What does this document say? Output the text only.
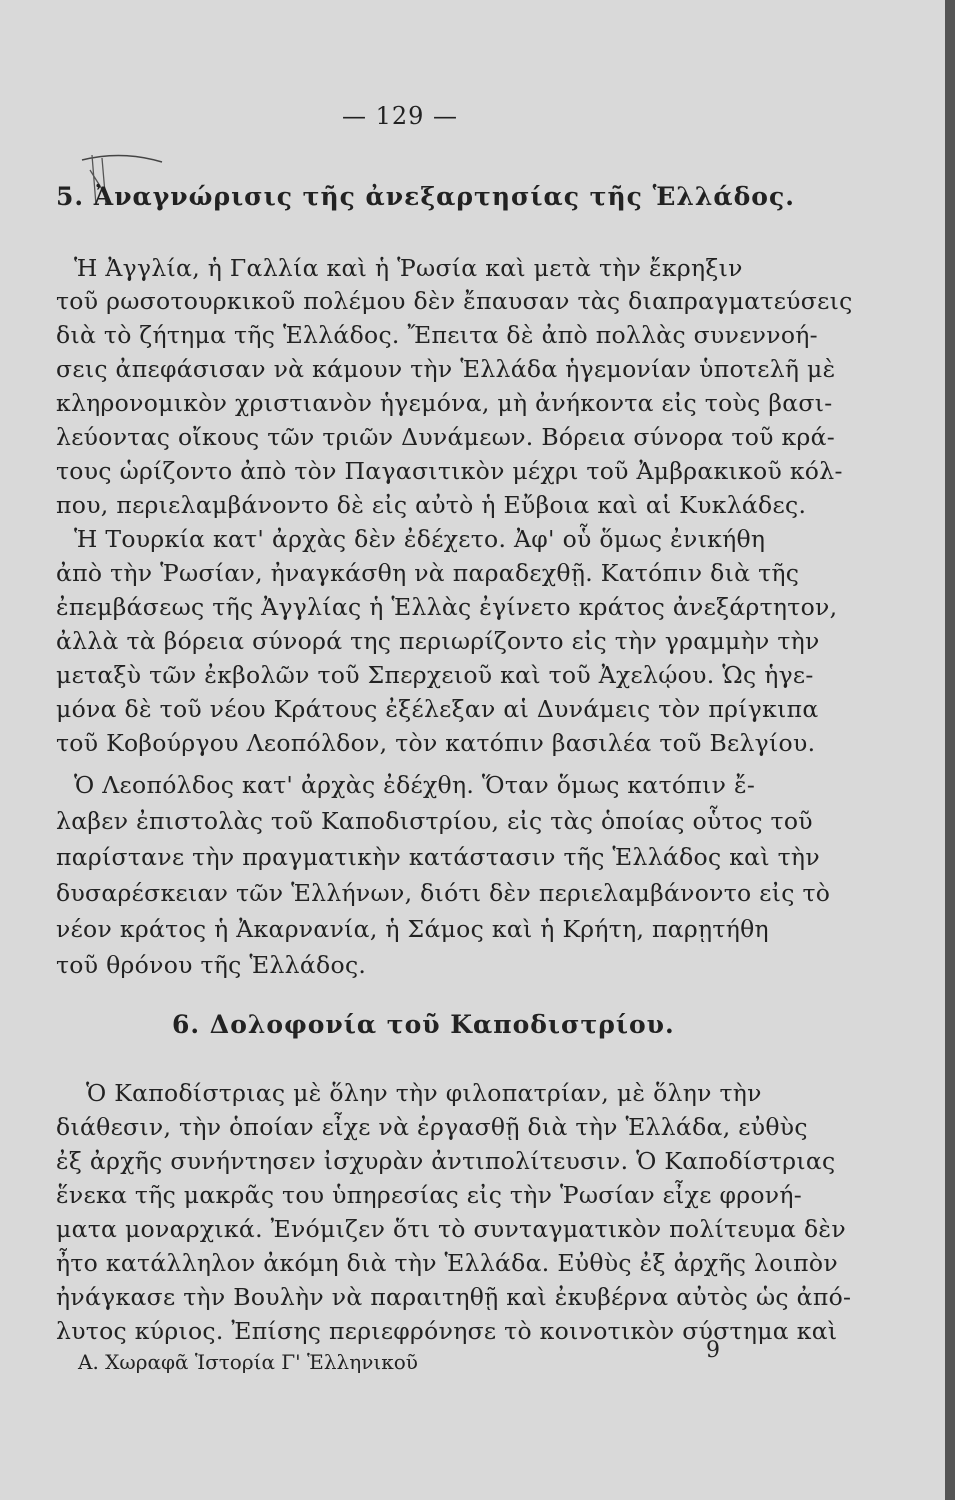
— 129 —
5. Ἀναγνώρισις τῆς ἀνεξαρτησίας τῆς Ἑλλάδος.
Ἡ Ἀγγλία, ἡ Γαλλία καὶ ἡ Ῥωσία καὶ μετὰ τὴν ἔκρηξιν
τοῦ ρωσοτουρκικοῦ πολέμου δὲν ἔπαυσαν τὰς διαπραγματεύσεις
διὰ τὸ ζήτημα τῆς Ἑλλάδος. Ἔπειτα δὲ ἀπὸ πολλὰς συνεννοή-
σεις ἀπεφάσισαν νὰ κάμουν τὴν Ἑλλάδα ἡγεμονίαν ὑποτελῆ μὲ
κληρονομικὸν χριστιανὸν ἡγεμόνα, μὴ ἀνήκοντα εἰς τοὺς βασι-
λεύοντας οἴκους τῶν τριῶν Δυνάμεων. Βόρεια σύνορα τοῦ κρά-
τους ὡρίζοντο ἀπὸ τὸν Παγασιτικὸν μέχρι τοῦ Ἀμβρακικοῦ κόλ-
που, περιελαμβάνοντο δὲ εἰς αὐτὸ ἡ Εὔβοια καὶ αἱ Κυκλάδες.
Ἡ Τουρκία κατ' ἀρχὰς δὲν ἐδέχετο. Ἀφ' οὗ ὅμως ἐνικήθη
ἀπὸ τὴν Ῥωσίαν, ἠναγκάσθη νὰ παραδεχθῇ. Κατόπιν διὰ τῆς
ἐπεμβάσεως τῆς Ἀγγλίας ἡ Ἑλλὰς ἐγίνετο κράτος ἀνεξάρτητον,
ἀλλὰ τὰ βόρεια σύνορά της περιωρίζοντο εἰς τὴν γραμμὴν τὴν
μεταξὺ τῶν ἐκβολῶν τοῦ Σπερχειοῦ καὶ τοῦ Ἀχελῴου. Ὡς ἡγε-
μόνα δὲ τοῦ νέου Κράτους ἐξέλεξαν αἱ Δυνάμεις τὸν πρίγκιπα
τοῦ Κοβούργου Λεοπόλδον, τὸν κατόπιν βασιλέα τοῦ Βελγίου.
Ὁ Λεοπόλδος κατ' ἀρχὰς ἐδέχθη. Ὅταν ὅμως κατόπιν ἔ-
λαβεν ἐπιστολὰς τοῦ Καποδιστρίου, εἰς τὰς ὁποίας οὗτος τοῦ
παρίστανε τὴν πραγματικὴν κατάστασιν τῆς Ἑλλάδος καὶ τὴν
δυσαρέσκειαν τῶν Ἑλλήνων, διότι δὲν περιελαμβάνοντο εἰς τὸ
νέον κράτος ἡ Ἀκαρνανία, ἡ Σάμος καὶ ἡ Κρήτη, παρῃτήθη
τοῦ θρόνου τῆς Ἑλλάδος.
6. Δολοφονία τοῦ Καποδιστρίου.
Ὁ Καποδίστριας μὲ ὅλην τὴν φιλοπατρίαν, μὲ ὅλην τὴν
διάθεσιν, τὴν ὁποίαν εἶχε νὰ ἐργασθῇ διὰ τὴν Ἑλλάδα, εὐθὺς
ἐξ ἀρχῆς συνήντησεν ἰσχυρὰν ἀντιπολίτευσιν. Ὁ Καποδίστριας
ἕνεκα τῆς μακρᾶς του ὑπηρεσίας εἰς τὴν Ῥωσίαν εἶχε φρονή-
ματα μοναρχικά. Ἐνόμιζεν ὅτι τὸ συνταγματικὸν πολίτευμα δὲν
ἦτο κατάλληλον ἀκόμη διὰ τὴν Ἑλλάδα. Εὐθὺς ἐξ ἀρχῆς λοιπὸν
ἠνάγκασε τὴν Βουλὴν νὰ παραιτηθῇ καὶ ἐκυβέρνα αὐτὸς ὡς ἀπό-
λυτος κύριος. Ἐπίσης περιεφρόνησε τὸ κοινοτικὸν σύστημα καὶ
Α. Χωραφᾶ Ἱστορία Γ' Ἑλληνικοῦ	9
